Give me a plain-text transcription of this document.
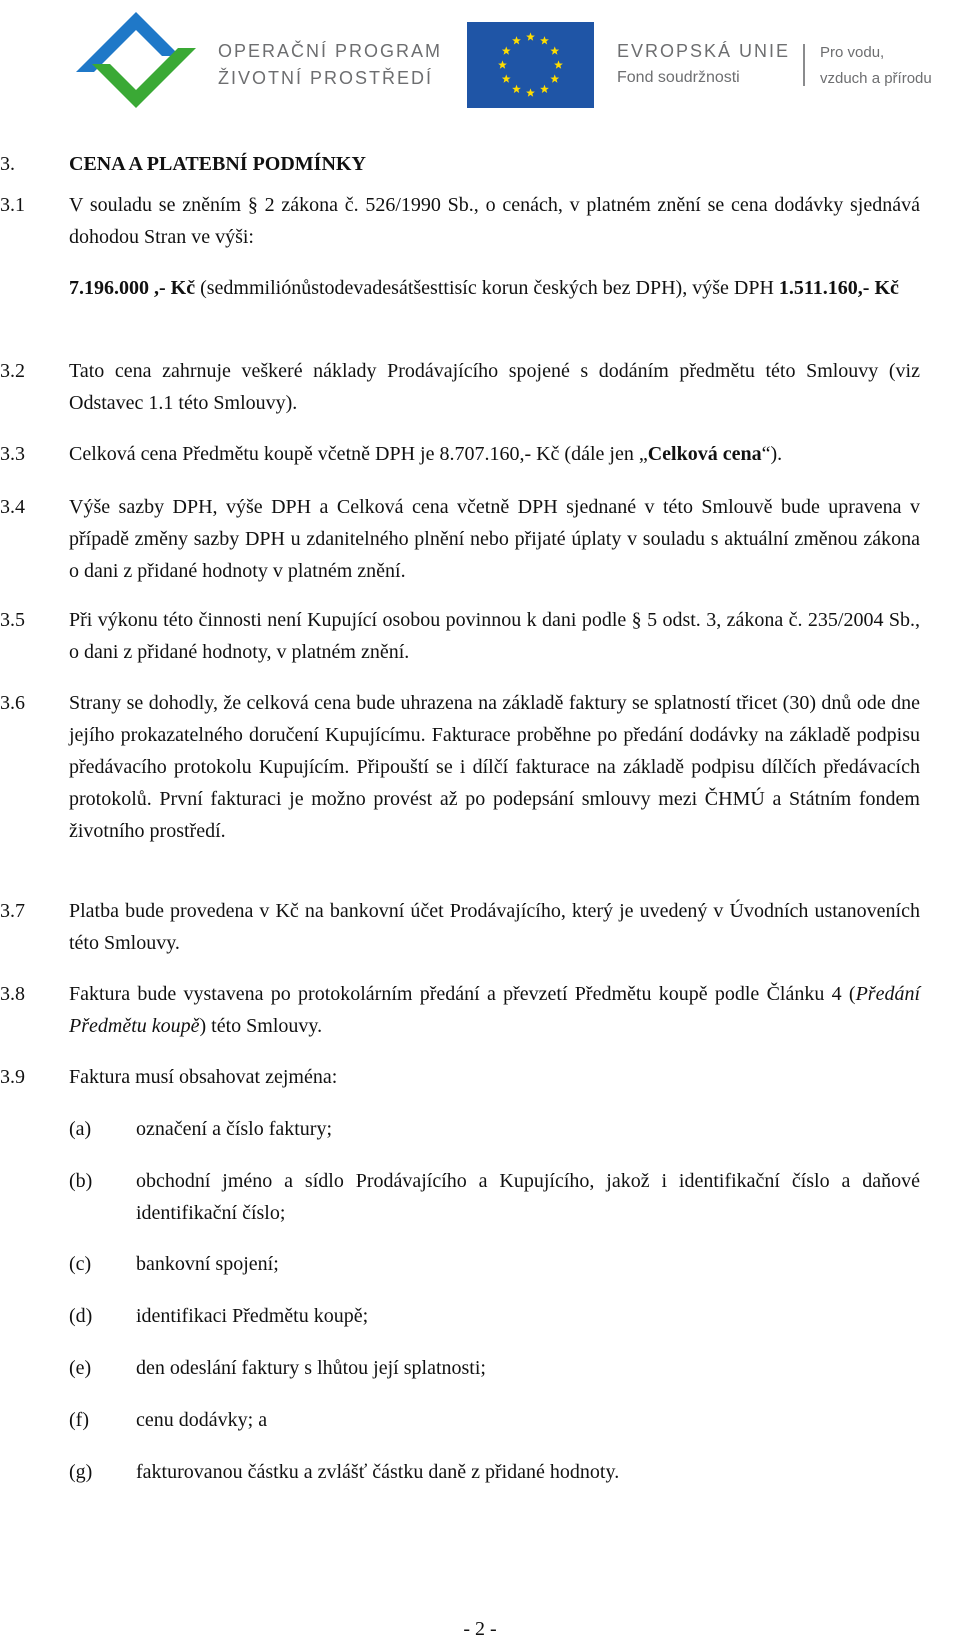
OPERAČNÍ PROGRAM
ŽIVOTNÍ PROSTŘEDÍ
EVROPSKÁ UNIE
Fond soudržnosti
Pro vodu,
vzduch a přírodu
3.	CENA A PLATEBNÍ PODMÍNKY
3.1	V souladu se zněním § 2 zákona č. 526/1990 Sb., o cenách, v platném znění se cena dodávky sjednává dohodou Stran ve výši:
7.196.000 ,- Kč (sedmmiliónůstodevadesátšesttisíc korun českých bez DPH), výše DPH 1.511.160,- Kč
3.2	Tato cena zahrnuje veškeré náklady Prodávajícího spojené s dodáním předmětu této Smlouvy (viz Odstavec 1.1 této Smlouvy).
3.3	Celková cena Předmětu koupě včetně DPH je 8.707.160,- Kč (dále jen „Celková cena“).
3.4	Výše sazby DPH, výše DPH a Celková cena včetně DPH sjednané v této Smlouvě bude upravena v případě změny sazby DPH u zdanitelného plnění nebo přijaté úplaty v souladu s aktuální změnou zákona o dani z přidané hodnoty v platném znění.
3.5	Při výkonu této činnosti není Kupující osobou povinnou k dani podle § 5 odst. 3, zákona č. 235/2004 Sb., o dani z přidané hodnoty, v platném znění.
3.6	Strany se dohodly, že celková cena bude uhrazena na základě faktury se splatností třicet (30) dnů ode dne jejího prokazatelného doručení Kupujícímu. Fakturace proběhne po předání dodávky na základě podpisu předávacího protokolu Kupujícím. Připouští se i dílčí fakturace na základě podpisu dílčích předávacích protokolů. První fakturaci je možno provést až po podepsání smlouvy mezi ČHMÚ a Státním fondem životního prostředí.
3.7	Platba bude provedena v Kč na bankovní účet Prodávajícího, který je uvedený v Úvodních ustanoveních této Smlouvy.
3.8	Faktura bude vystavena po protokolárním předání a převzetí Předmětu koupě podle Článku 4 (Předání Předmětu koupě) této Smlouvy.
3.9	Faktura musí obsahovat zejména:
(a) označení a číslo faktury;
(b) obchodní jméno a sídlo Prodávajícího a Kupujícího, jakož i identifikační číslo a daňové identifikační číslo;
(c) bankovní spojení;
(d) identifikaci Předmětu koupě;
(e) den odeslání faktury s lhůtou její splatnosti;
(f) cenu dodávky; a
(g) fakturovanou částku a zvlášť částku daně z přidané hodnoty.
- 2 -
